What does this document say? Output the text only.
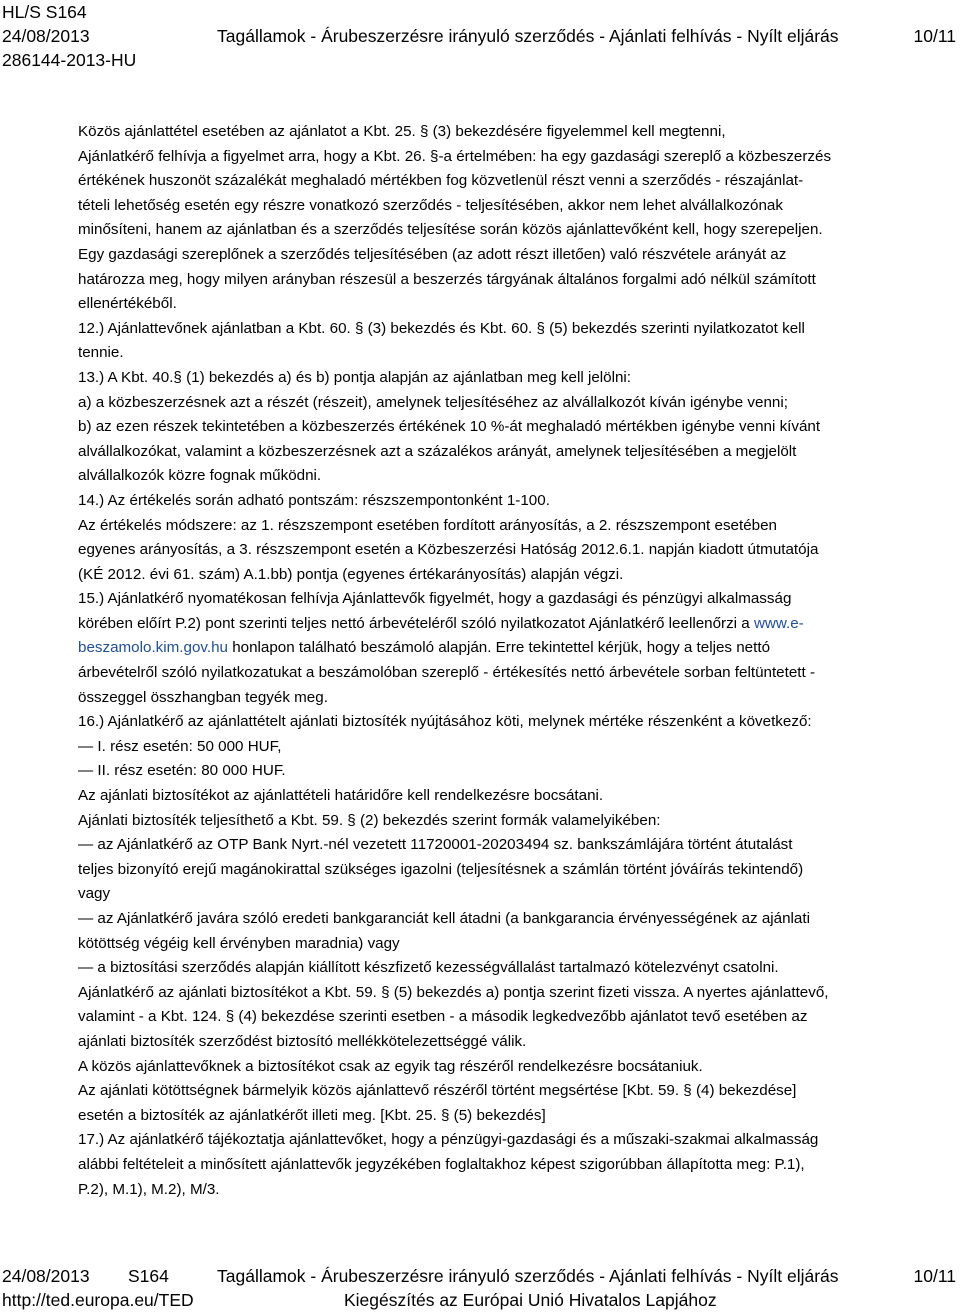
HL/S S164
24/08/2013	Tagállamok - Árubeszerzésre irányuló szerződés - Ajánlati felhívás - Nyílt eljárás	10/11
286144-2013-HU

Közös ajánlattétel esetében az ajánlatot a Kbt. 25. § (3) bekezdésére figyelemmel kell megtenni,

Ajánlatkérő felhívja a figyelmet arra, hogy a Kbt. 26. §-a értelmében: ha egy gazdasági szereplő a közbeszerzés

értékének huszonöt százalékát meghaladó mértékben fog közvetlenül részt venni a szerződés - részajánlat-

tételi lehetőség esetén egy részre vonatkozó szerződés - teljesítésében, akkor nem lehet alvállalkozónak

minősíteni, hanem az ajánlatban és a szerződés teljesítése során közös ajánlattevőként kell, hogy szerepeljen.

Egy gazdasági szereplőnek a szerződés teljesítésében (az adott részt illetően) való részvétele arányát az

határozza meg, hogy milyen arányban részesül a beszerzés tárgyának általános forgalmi adó nélkül számított

ellenértékéből.

12.) Ajánlattevőnek ajánlatban a Kbt. 60. § (3) bekezdés és Kbt. 60. § (5) bekezdés szerinti nyilatkozatot kell

tennie.

13.) A Kbt. 40.§ (1) bekezdés a) és b) pontja alapján az ajánlatban meg kell jelölni:

a) a közbeszerzésnek azt a részét (részeit), amelynek teljesítéséhez az alvállalkozót kíván igénybe venni;

b) az ezen részek tekintetében a közbeszerzés értékének 10 %-át meghaladó mértékben igénybe venni kívánt

alvállalkozókat, valamint a közbeszerzésnek azt a százalékos arányát, amelynek teljesítésében a megjelölt

alvállalkozók közre fognak működni.

14.) Az értékelés során adható pontszám: részszempontonként 1-100.

Az értékelés módszere: az 1. részszempont esetében fordított arányosítás, a 2. részszempont esetében

egyenes arányosítás, a 3. részszempont esetén a Közbeszerzési Hatóság 2012.6.1. napján kiadott útmutatója

(KÉ 2012. évi 61. szám) A.1.bb) pontja (egyenes értékarányosítás) alapján végzi.

15.) Ajánlatkérő nyomatékosan felhívja Ajánlattevők figyelmét, hogy a gazdasági és pénzügyi alkalmasság

körében előírt P.2) pont szerinti teljes nettó árbevételéről szóló nyilatkozatot Ajánlatkérő leellenőrzi a www.e-

beszamolo.kim.gov.hu honlapon található beszámoló alapján. Erre tekintettel kérjük, hogy a teljes nettó

árbevételről szóló nyilatkozatukat a beszámolóban szereplő - értékesítés nettó árbevétele sorban feltüntetett -

összeggel összhangban tegyék meg.

16.) Ajánlatkérő az ajánlattételt ajánlati biztosíték nyújtásához köti, melynek mértéke részenként a következő:

— I. rész esetén: 50 000 HUF,

— II. rész esetén: 80 000 HUF.

Az ajánlati biztosítékot az ajánlattételi határidőre kell rendelkezésre bocsátani.

Ajánlati biztosíték teljesíthető a Kbt. 59. § (2) bekezdés szerint formák valamelyikében:

— az Ajánlatkérő az OTP Bank Nyrt.-nél vezetett 11720001-20203494 sz. bankszámlájára történt átutalást

teljes bizonyító erejű magánokirattal szükséges igazolni (teljesítésnek a számlán történt jóváírás tekintendő)

vagy

— az Ajánlatkérő javára szóló eredeti bankgaranciát kell átadni (a bankgarancia érvényességének az ajánlati

kötöttség végéig kell érvényben maradnia) vagy

— a biztosítási szerződés alapján kiállított készfizető kezességvállalást tartalmazó kötelezvényt csatolni.

Ajánlatkérő az ajánlati biztosítékot a Kbt. 59. § (5) bekezdés a) pontja szerint fizeti vissza. A nyertes ajánlattevő,

valamint - a Kbt. 124. § (4) bekezdése szerinti esetben - a második legkedvezőbb ajánlatot tevő esetében az

ajánlati biztosíték szerződést biztosító mellékkötelezettséggé válik.

A közös ajánlattevőknek a biztosítékot csak az egyik tag részéről rendelkezésre bocsátaniuk.

Az ajánlati kötöttségnek bármelyik közös ajánlattevő részéről történt megsértése [Kbt. 59. § (4) bekezdése]

esetén a biztosíték az ajánlatkérőt illeti meg. [Kbt. 25. § (5) bekezdés]

17.) Az ajánlatkérő tájékoztatja ajánlattevőket, hogy a pénzügyi-gazdasági és a műszaki-szakmai alkalmasság

alábbi feltételeit a minősített ajánlattevők jegyzékében foglaltakhoz képest szigorúbban állapította meg: P.1),

P.2), M.1), M.2), M/3.

24/08/2013 S164	Tagállamok - Árubeszerzésre irányuló szerződés - Ajánlati felhívás - Nyílt eljárás	10/11
http://ted.europa.eu/TED	Kiegészítés az Európai Unió Hivatalos Lapjához
